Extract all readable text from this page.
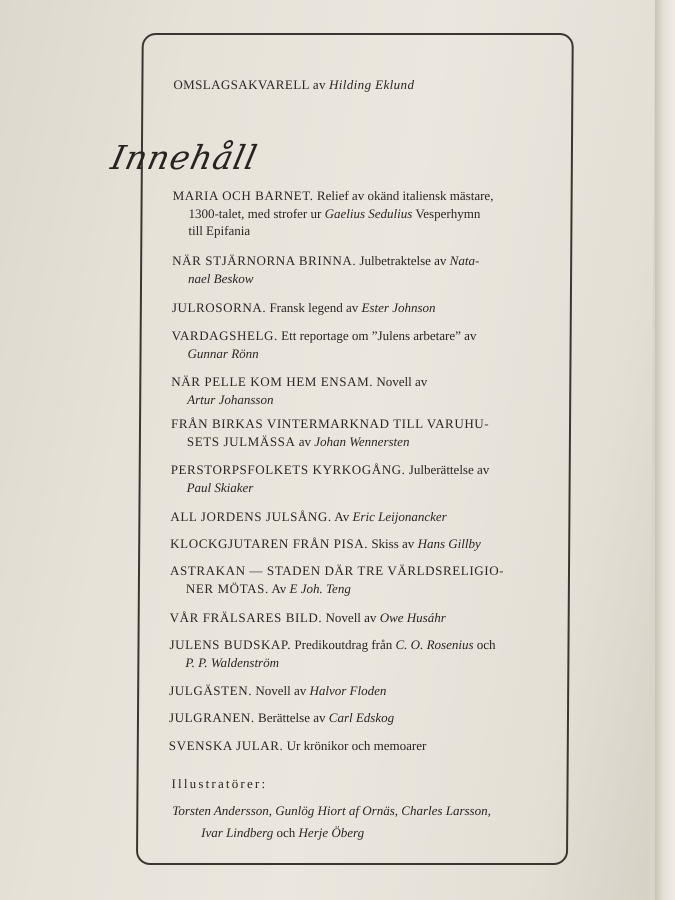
OMSLAGSAKVARELL av Hilding Eklund
Innehåll
MARIA OCH BARNET. Relief av okänd italiensk mästare,
1300-talet, med strofer ur Gaelius Sedulius Vesperhymn
till Epifania
NÄR STJÄRNORNA BRINNA. Julbetraktelse av Nata-
nael Beskow
JULROSORNA. Fransk legend av Ester Johnson
VARDAGSHELG. Ett reportage om ”Julens arbetare” av
Gunnar Rönn
NÄR PELLE KOM HEM ENSAM. Novell av
Artur Johansson
FRÅN BIRKAS VINTERMARKNAD TILL VARUHU-
SETS JULMÄSSA av Johan Wennersten
PERSTORPSFOLKETS KYRKOGÅNG. Julberättelse av
Paul Skiaker
ALL JORDENS JULSÅNG. Av Eric Leijonancker
KLOCKGJUTAREN FRÅN PISA. Skiss av Hans Gillby
ASTRAKAN — STADEN DÄR TRE VÄRLDSRELIGIO-
NER MÖTAS. Av E Joh. Teng
VÅR FRÄLSARES BILD. Novell av Owe Husáhr
JULENS BUDSKAP. Predikoutdrag från C. O. Rosenius och
P. P. Waldenström
JULGÄSTEN. Novell av Halvor Floden
JULGRANEN. Berättelse av Carl Edskog
SVENSKA JULAR. Ur krönikor och memoarer
Illustratörer:
Torsten Andersson, Gunlög Hiort af Ornäs, Charles Larsson,
Ivar Lindberg och Herje Öberg
